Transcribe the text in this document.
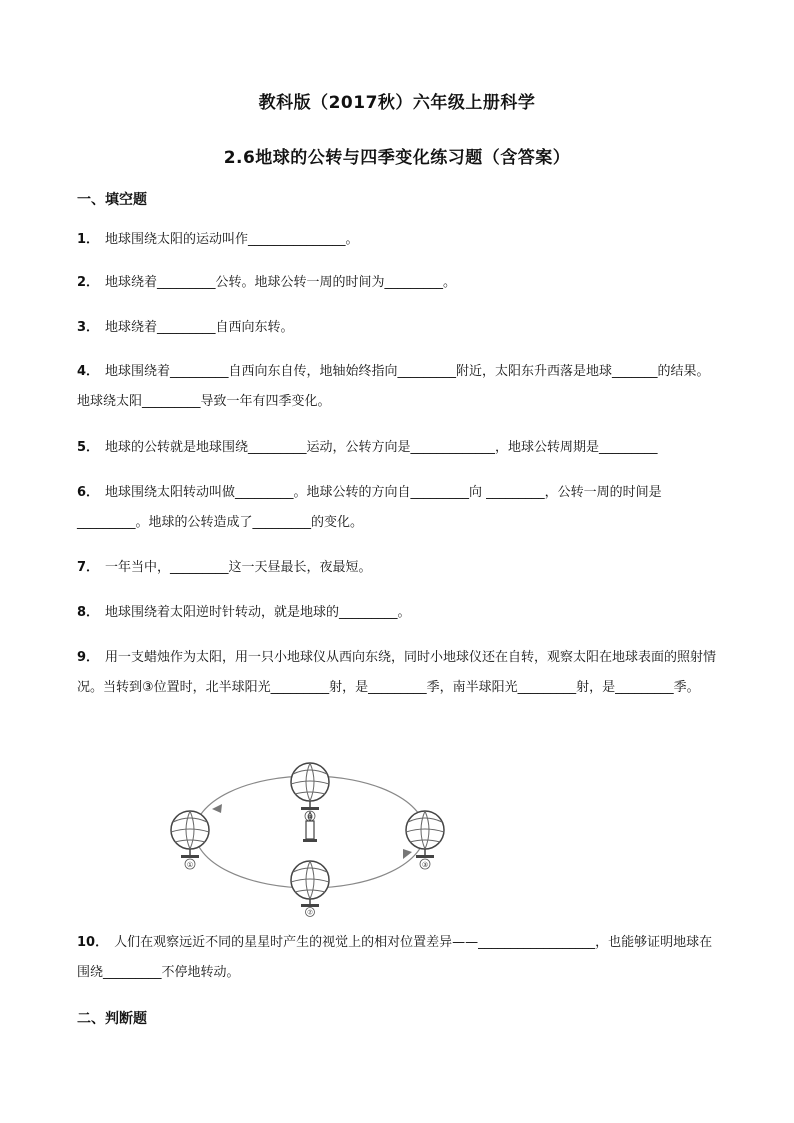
教科版（2017秋）六年级上册科学
2.6地球的公转与四季变化练习题（含答案）
一、填空题
1． 地球围绕太阳的运动叫作_______________。
2． 地球绕着_________公转。地球公转一周的时间为_________。
3． 地球绕着_________自西向东转。
4． 地球围绕着_________自西向东自传，地轴始终指向_________附近，太阳东升西落是地球_______的结果。地球绕太阳_________导致一年有四季变化。
5． 地球的公转就是地球围绕_________运动，公转方向是_____________，地球公转周期是_________
6． 地球围绕太阳转动叫做_________。地球公转的方向自_________向 _________，公转一周的时间是_________。地球的公转造成了_________的变化。
7． 一年当中，_________这一天昼最长，夜最短。
8． 地球围绕着太阳逆时针转动，就是地球的_________。
9． 用一支蜡烛作为太阳，用一只小地球仪从西向东绕，同时小地球仪还在自转，观察太阳在地球表面的照射情况。当转到③位置时，北半球阳光_________射，是_________季，南半球阳光_________射，是_________季。
④
①	③
②
10． 人们在观察远近不同的星星时产生的视觉上的相对位置差异——__________________，也能够证明地球在围绕_________不停地转动。
二、判断题
